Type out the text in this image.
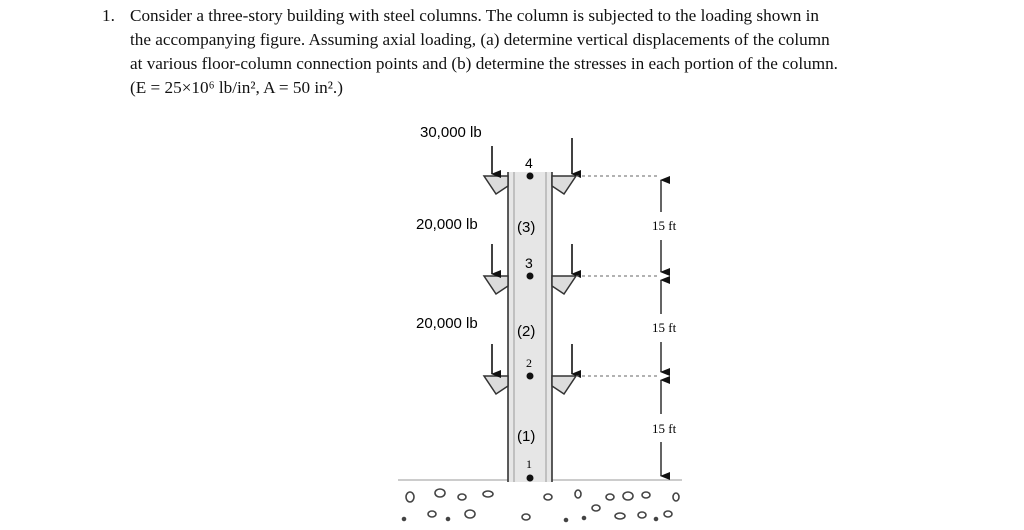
1. Consider a three-story building with steel columns. The column is subjected to the loading shown in
the accompanying figure. Assuming axial loading, (a) determine vertical displacements of the column
at various floor-column connection points and (b) determine the stresses in each portion of the column.
(E = 25×10⁶ lb/in², A = 50 in².)
30,000 lb
20,000 lb
20,000 lb
4
3
2
1
(3)
(2)
(1)
15 ft
15 ft
15 ft
